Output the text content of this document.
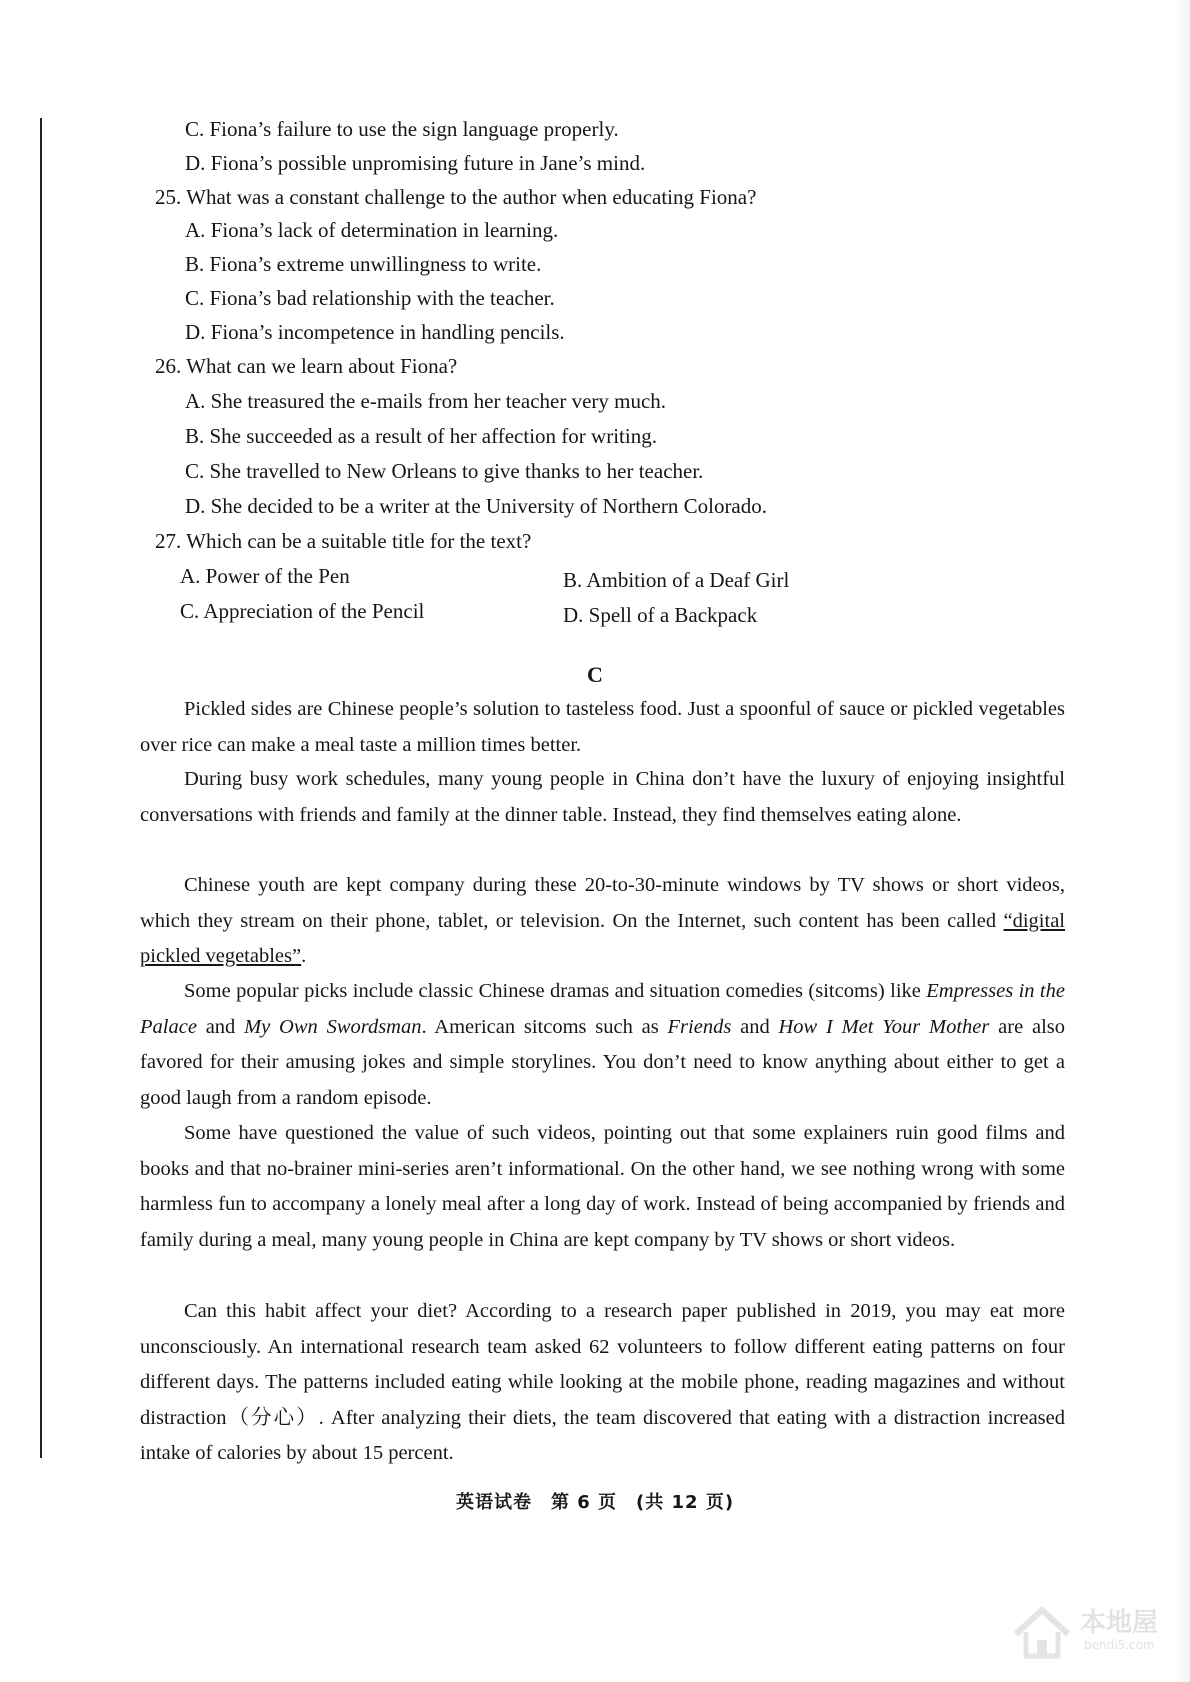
C. Fiona’s failure to use the sign language properly.
D. Fiona’s possible unpromising future in Jane’s mind.
25. What was a constant challenge to the author when educating Fiona?
A. Fiona’s lack of determination in learning.
B. Fiona’s extreme unwillingness to write.
C. Fiona’s bad relationship with the teacher.
D. Fiona’s incompetence in handling pencils.
26. What can we learn about Fiona?
A. She treasured the e-mails from her teacher very much.
B. She succeeded as a result of her affection for writing.
C. She travelled to New Orleans to give thanks to her teacher.
D. She decided to be a writer at the University of Northern Colorado.
27. Which can be a suitable title for the text?
A. Power of the Pen	B. Ambition of a Deaf Girl
C. Appreciation of the Pencil	D. Spell of a Backpack
C

Pickled sides are Chinese people’s solution to tasteless food. Just a spoonful of sauce or pickled vegetables over rice can make a meal taste a million times better.

During busy work schedules, many young people in China don’t have the luxury of enjoying insightful conversations with friends and family at the dinner table. Instead, they find themselves eating alone.

Chinese youth are kept company during these 20-to-30-minute windows by TV shows or short videos, which they stream on their phone, tablet, or television. On the Internet, such content has been called “digital pickled vegetables”.

Some popular picks include classic Chinese dramas and situation comedies (sitcoms) like Empresses in the Palace and My Own Swordsman. American sitcoms such as Friends and How I Met Your Mother are also favored for their amusing jokes and simple storylines. You don’t need to know anything about either to get a good laugh from a random episode.

Some have questioned the value of such videos, pointing out that some explainers ruin good films and books and that no-brainer mini-series aren’t informational. On the other hand, we see nothing wrong with some harmless fun to accompany a lonely meal after a long day of work. Instead of being accompanied by friends and family during a meal, many young people in China are kept company by TV shows or short videos.

Can this habit affect your diet? According to a research paper published in 2019, you may eat more unconsciously. An international research team asked 62 volunteers to follow different eating patterns on four different days. The patterns included eating while looking at the mobile phone, reading magazines and without distraction（分心）. After analyzing their diets, the team discovered that eating with a distraction increased intake of calories by about 15 percent.

英语试卷　第 6 页　(共 12 页)
本地屋
bendi5.com
